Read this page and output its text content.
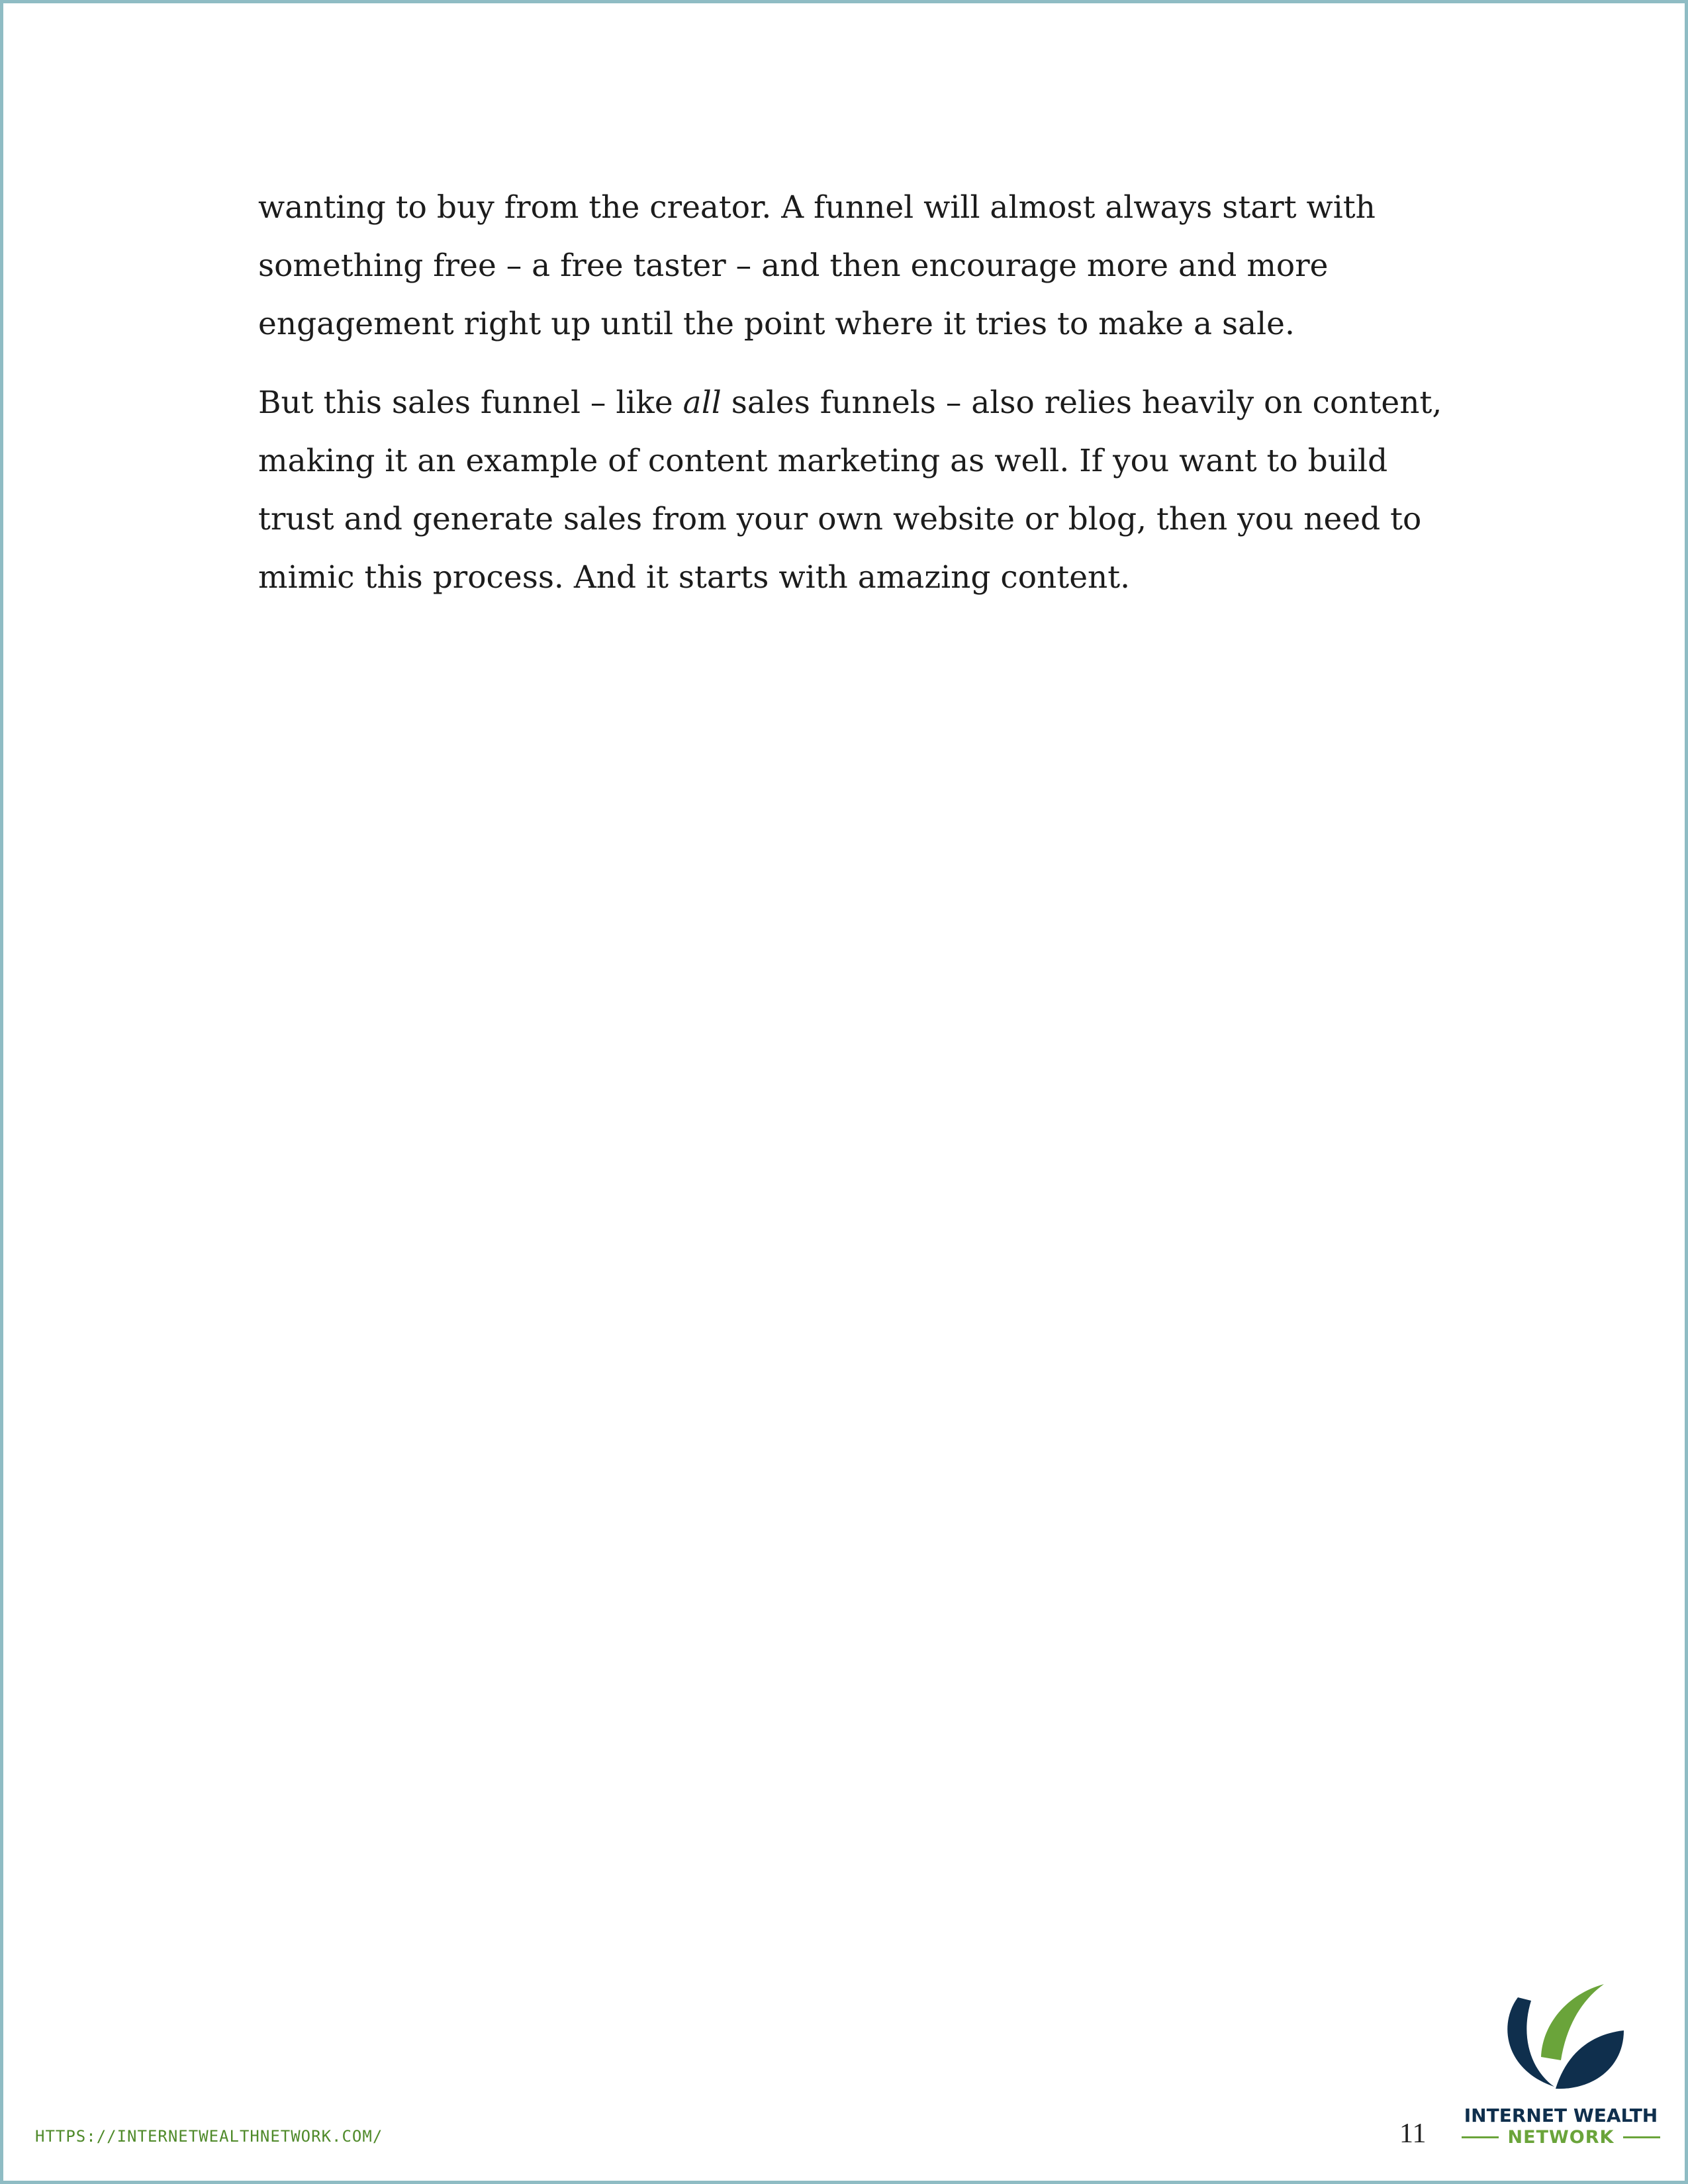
wanting to buy from the creator. A funnel will almost always start with something free – a free taster – and then encourage more and more engagement right up until the point where it tries to make a sale.

But this sales funnel – like all sales funnels – also relies heavily on content, making it an example of content marketing as well. If you want to build trust and generate sales from your own website or blog, then you need to mimic this process. And it starts with amazing content.

HTTPS://INTERNETWEALTHNETWORK.COM/	11
INTERNET WEALTH
NETWORK
